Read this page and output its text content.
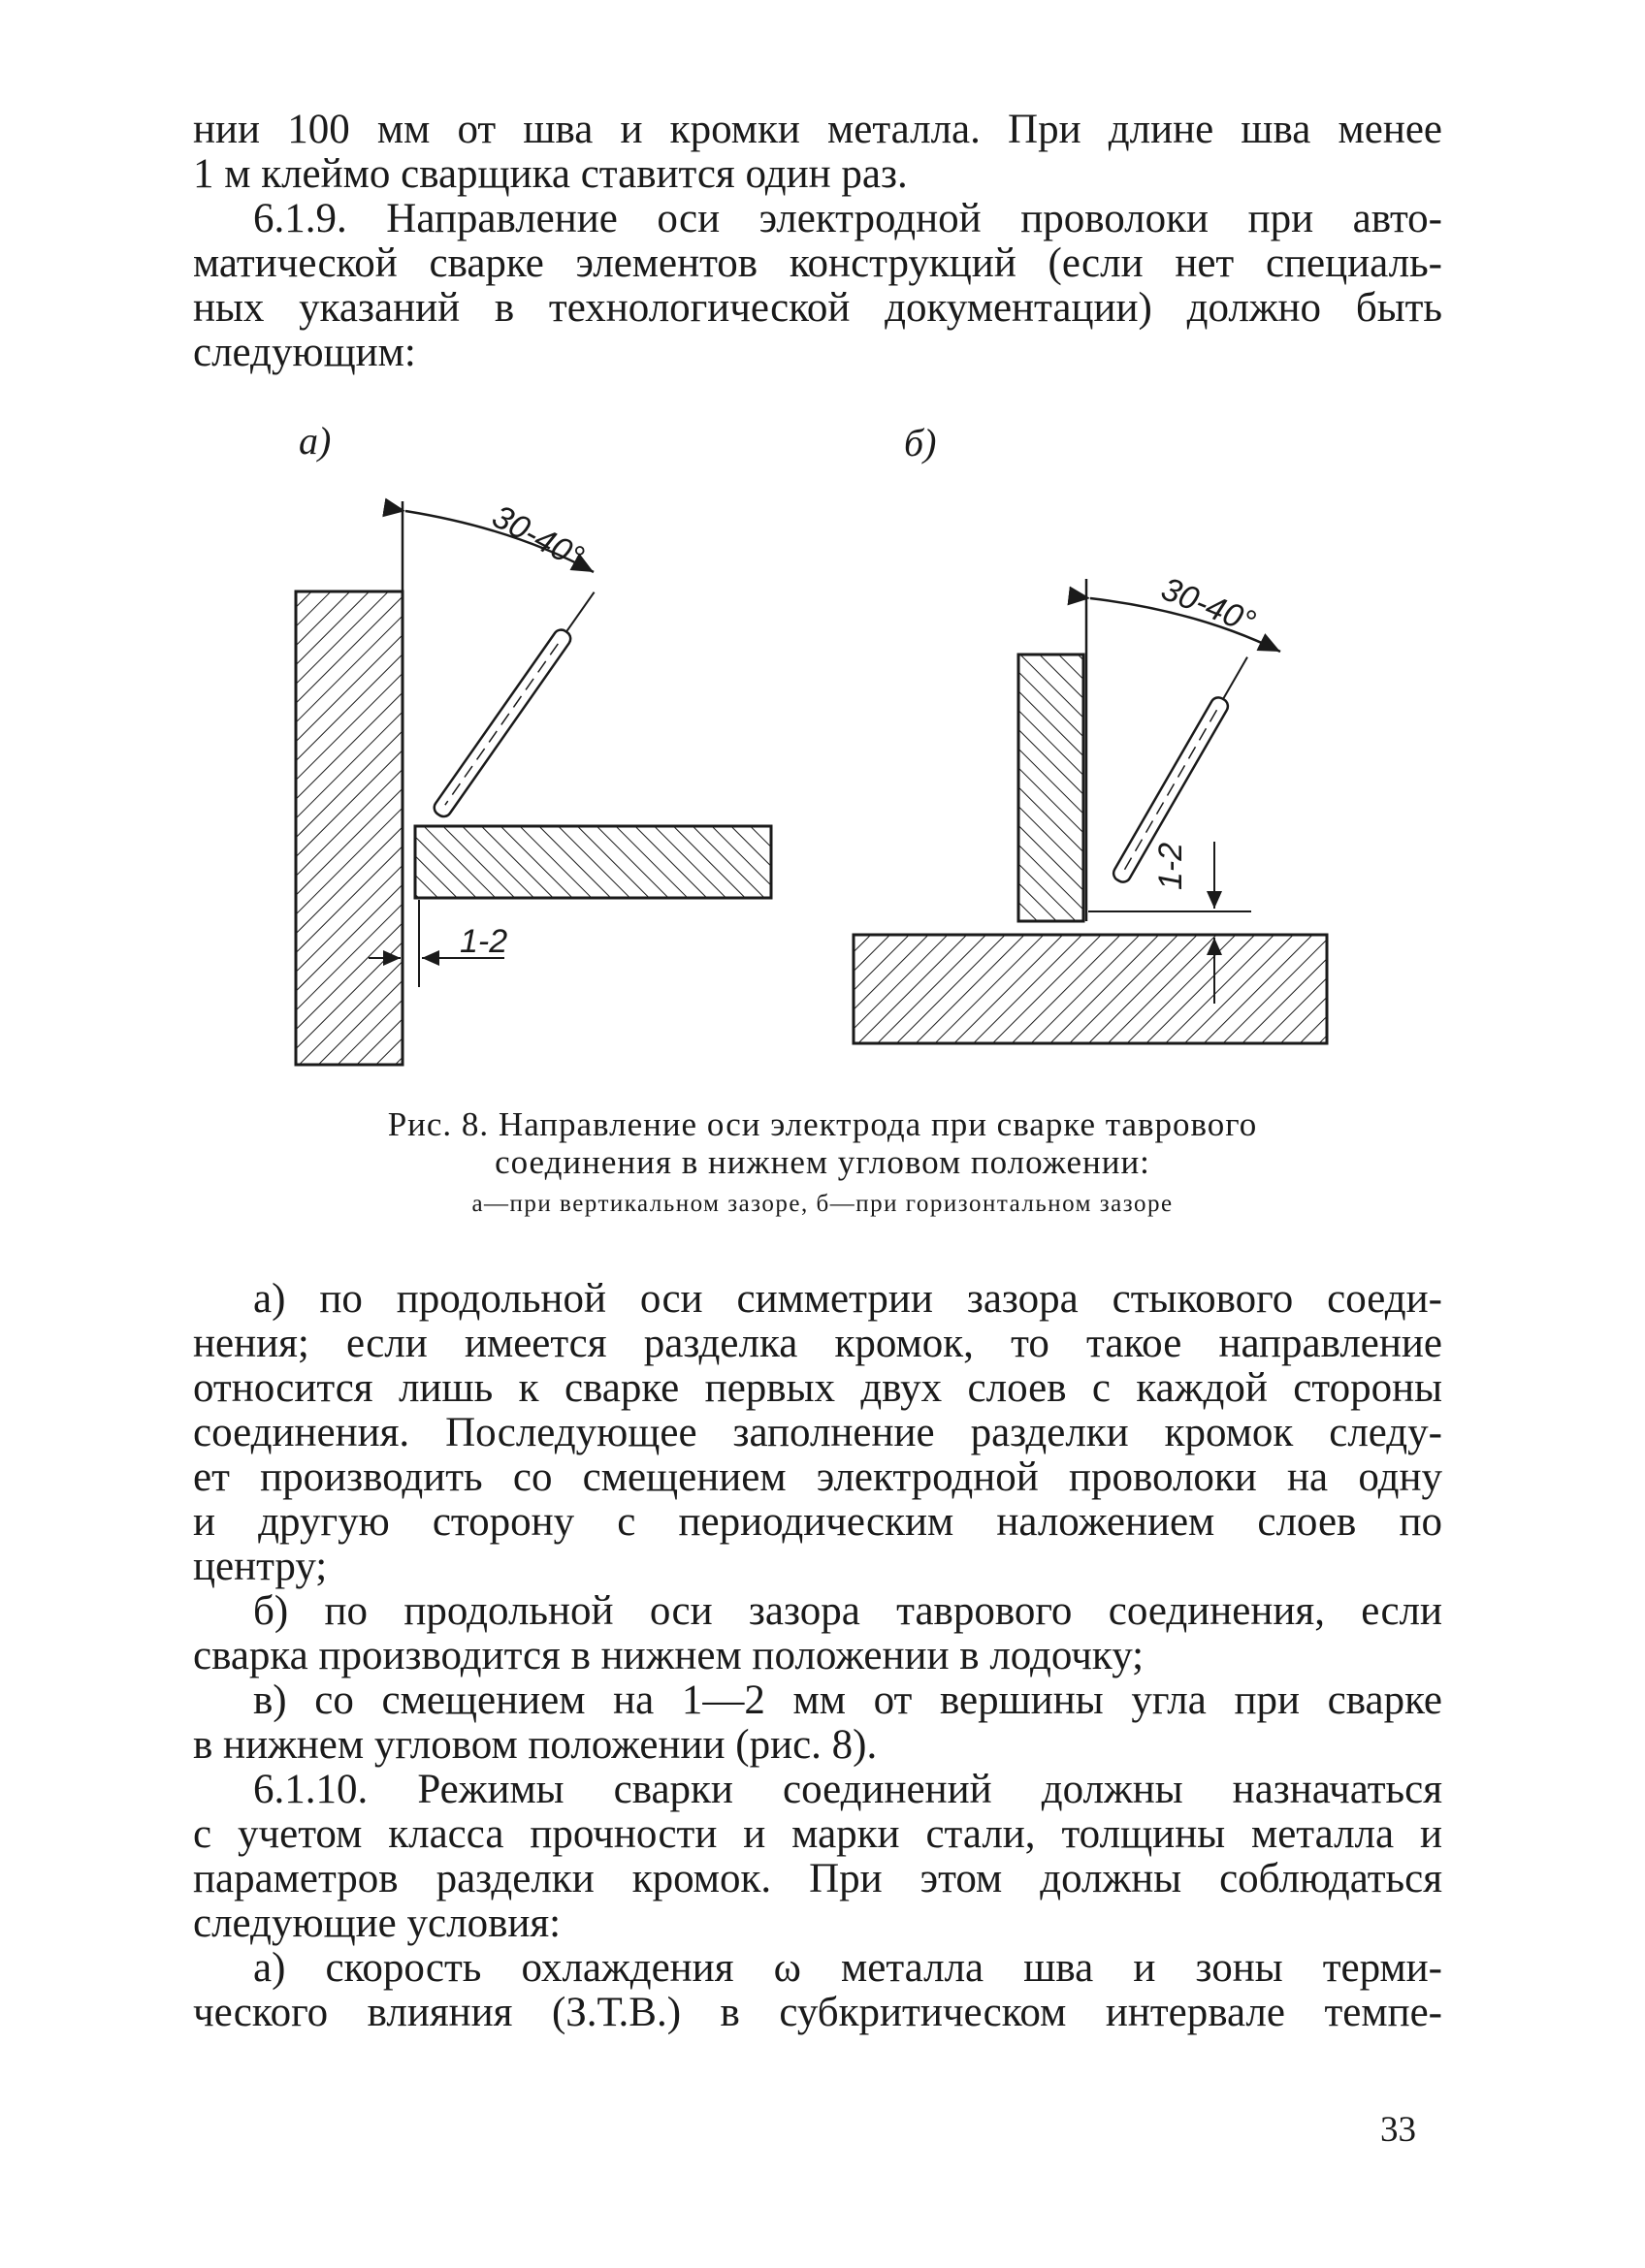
нии 100 мм от шва и кромки металла. При длине шва менее
1 м клеймо сварщика ставится один раз.
6.1.9. Направление оси электродной проволоки при авто-
матической сварке элементов конструкций (если нет специаль-
ных указаний в технологической документации) должно быть
следующим:
а)	б)
30-40°
1-2
30-40°
1-2
Рис. 8. Направление оси электрода при сварке таврового
соединения в нижнем угловом положении:
а—при вертикальном зазоре, б—при горизонтальном зазоре
а) по продольной оси симметрии зазора стыкового соеди-
нения; если имеется разделка кромок, то такое направление
относится лишь к сварке первых двух слоев с каждой стороны
соединения. Последующее заполнение разделки кромок следу-
ет производить со смещением электродной проволоки на одну
и другую сторону с периодическим наложением слоев по
центру;
б) по продольной оси зазора таврового соединения, если
сварка производится в нижнем положении в лодочку;
в) со смещением на 1—2 мм от вершины угла при сварке
в нижнем угловом положении (рис. 8).
6.1.10. Режимы сварки соединений должны назначаться
с учетом класса прочности и марки стали, толщины металла и
параметров разделки кромок. При этом должны соблюдаться
следующие условия:
а) скорость охлаждения ω металла шва и зоны терми-
ческого влияния (З.Т.В.) в субкритическом интервале темпе-
33
